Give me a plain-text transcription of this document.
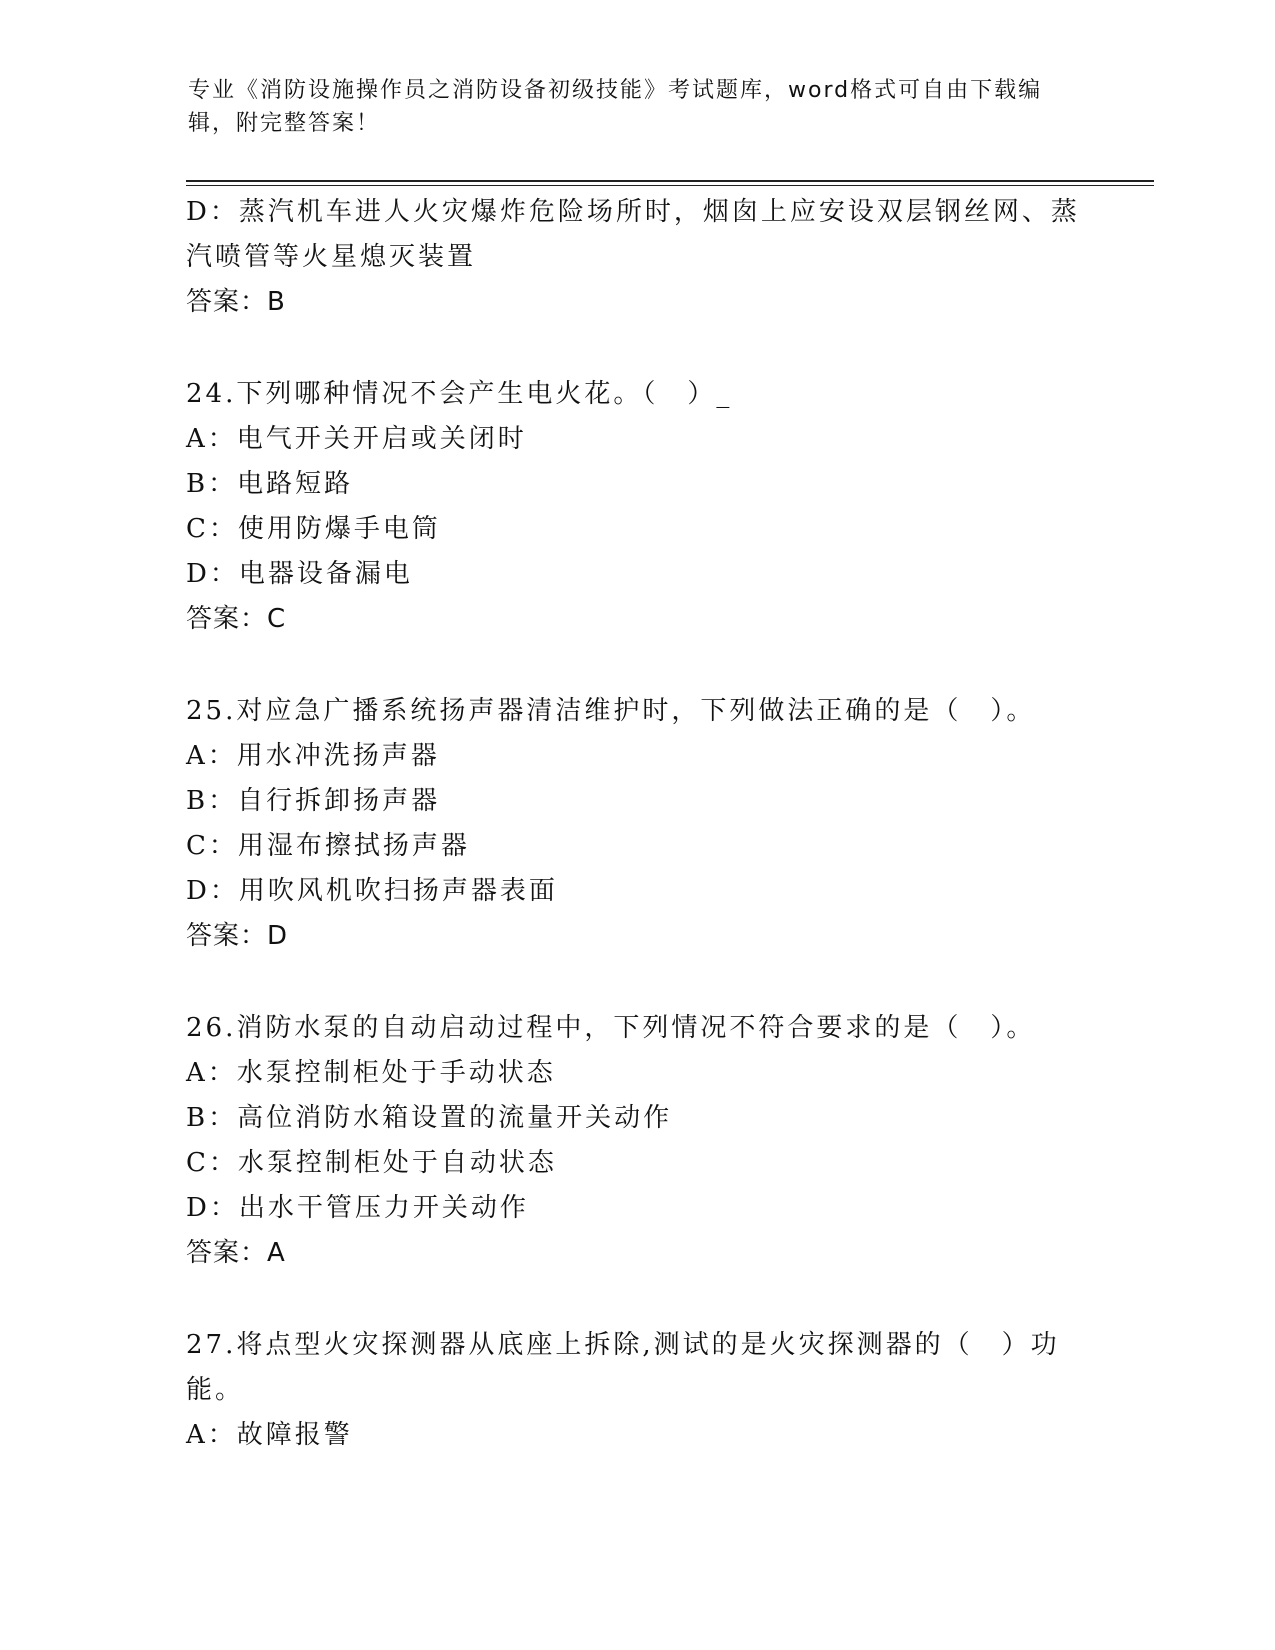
专业《消防设施操作员之消防设备初级技能》考试题库，word格式可自由下载编
辑，附完整答案！
D：蒸汽机车进人火灾爆炸危险场所时，烟囱上应安设双层钢丝网、蒸
汽喷管等火星熄灭装置
答案：B
24.下列哪种情况不会产生电火花。（　）_
A：电气开关开启或关闭时
B：电路短路
C：使用防爆手电筒
D：电器设备漏电
答案：C
25.对应急广播系统扬声器清洁维护时，下列做法正确的是（　）。
A：用水冲洗扬声器
B：自行拆卸扬声器
C：用湿布擦拭扬声器
D：用吹风机吹扫扬声器表面
答案：D
26.消防水泵的自动启动过程中，下列情况不符合要求的是（　）。
A：水泵控制柜处于手动状态
B：高位消防水箱设置的流量开关动作
C：水泵控制柜处于自动状态
D：出水干管压力开关动作
答案：A
27.将点型火灾探测器从底座上拆除,测试的是火灾探测器的（　）功
能。
A：故障报警
